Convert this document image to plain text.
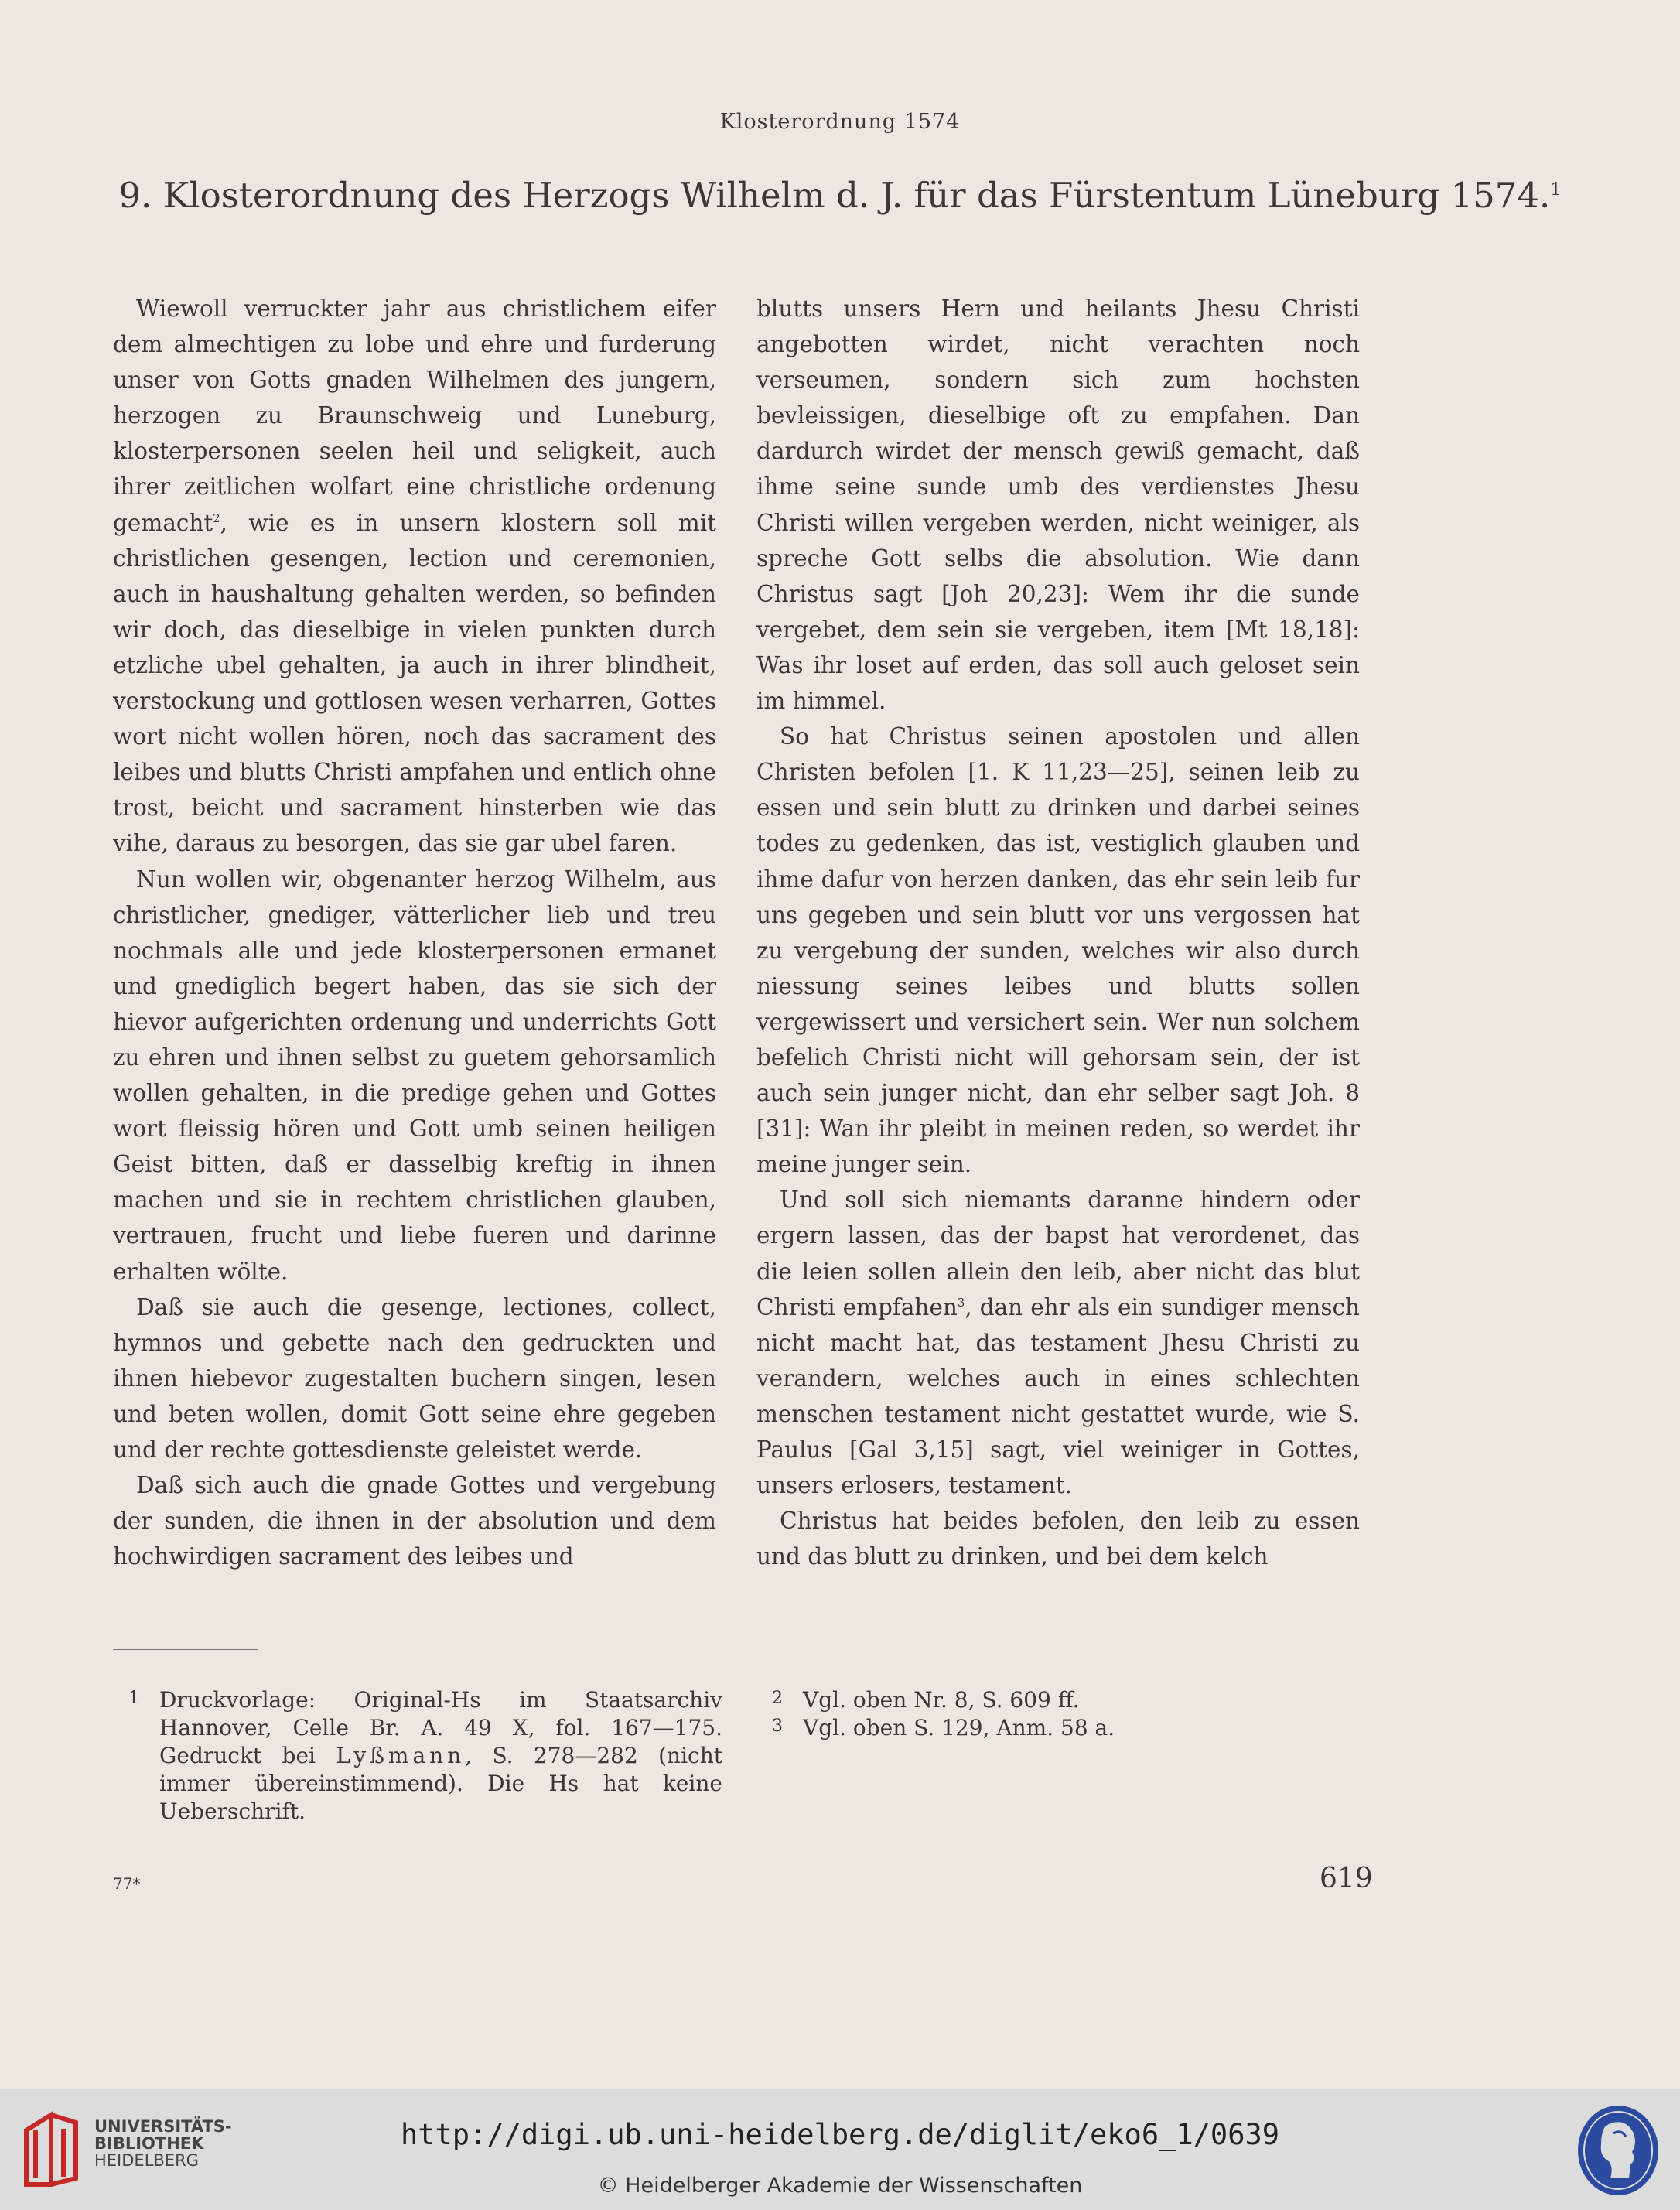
Klosterordnung 1574
9. Klosterordnung des Herzogs Wilhelm d. J. für das Fürstentum Lüneburg 1574.$^1$

Wiewoll verruckter jahr aus christlichem eifer dem almechtigen zu lobe und ehre und furderung unser von Gotts gnaden Wilhelmen des jungern, herzogen zu Braunschweig und Luneburg, klosterpersonen seelen heil und seligkeit, auch ihrer zeitlichen wolfart eine christliche ordenung gemacht$^2$, wie es in unsern klostern soll mit christlichen gesengen, lection und ceremonien, auch in haushaltung gehalten werden, so befinden wir doch, das dieselbige in vielen punkten durch etzliche ubel gehalten, ja auch in ihrer blindheit, verstockung und gottlosen wesen verharren, Gottes wort nicht wollen hören, noch das sacrament des leibes und blutts Christi ampfahen und entlich ohne trost, beicht und sacrament hinsterben wie das vihe, daraus zu besorgen, das sie gar ubel faren.

Nun wollen wir, obgenanter herzog Wilhelm, aus christlicher, gnediger, vätterlicher lieb und treu nochmals alle und jede klosterpersonen ermanet und gnediglich begert haben, das sie sich der hievor aufgerichten ordenung und underrichts Gott zu ehren und ihnen selbst zu guetem gehorsamlich wollen gehalten, in die predige gehen und Gottes wort fleissig hören und Gott umb seinen heiligen Geist bitten, daß er dasselbig kreftig in ihnen machen und sie in rechtem christlichen glauben, vertrauen, frucht und liebe fueren und darinne erhalten wölte.

Daß sie auch die gesenge, lectiones, collect, hymnos und gebette nach den gedruckten und ihnen hiebevor zugestalten buchern singen, lesen und beten wollen, domit Gott seine ehre gegeben und der rechte gottesdienste geleistet werde.

Daß sich auch die gnade Gottes und vergebung der sunden, die ihnen in der absolution und dem hochwirdigen sacrament des leibes und

blutts unsers Hern und heilants Jhesu Christi angebotten wirdet, nicht verachten noch verseumen, sondern sich zum hochsten bevleissigen, dieselbige oft zu empfahen. Dan dardurch wirdet der mensch gewiß gemacht, daß ihme seine sunde umb des verdienstes Jhesu Christi willen vergeben werden, nicht weiniger, als spreche Gott selbs die absolution. Wie dann Christus sagt [Joh 20,23]: Wem ihr die sunde vergebet, dem sein sie vergeben, item [Mt 18,18]: Was ihr loset auf erden, das soll auch geloset sein im himmel.

So hat Christus seinen apostolen und allen Christen befolen [1. K 11,23—25], seinen leib zu essen und sein blutt zu drinken und darbei seines todes zu gedenken, das ist, vestiglich glauben und ihme dafur von herzen danken, das ehr sein leib fur uns gegeben und sein blutt vor uns vergossen hat zu vergebung der sunden, welches wir also durch niessung seines leibes und blutts sollen vergewissert und versichert sein. Wer nun solchem befelich Christi nicht will gehorsam sein, der ist auch sein junger nicht, dan ehr selber sagt Joh. 8 [31]: Wan ihr pleibt in meinen reden, so werdet ihr meine junger sein.

Und soll sich niemants daranne hindern oder ergern lassen, das der bapst hat verordenet, das die leien sollen allein den leib, aber nicht das blut Christi empfahen$^3$, dan ehr als ein sundiger mensch nicht macht hat, das testament Jhesu Christi zu verandern, welches auch in eines schlechten menschen testament nicht gestattet wurde, wie S. Paulus [Gal 3,15] sagt, viel weiniger in Gottes, unsers erlosers, testament.

Christus hat beides befolen, den leib zu essen und das blutt zu drinken, und bei dem kelch

1 Druckvorlage: Original-Hs im Staatsarchiv Hannover, Celle Br. A. 49 X, fol. 167—175. Gedruckt bei Lyßmann, S. 278—282 (nicht immer übereinstimmend). Die Hs hat keine Ueberschrift.
2 Vgl. oben Nr. 8, S. 609 ff.
3 Vgl. oben S. 129, Anm. 58 a.
77*	619
UNIVERSITÄTS-
BIBLIOTHEK
HEIDELBERG
http://digi.ub.uni-heidelberg.de/diglit/eko6_1/0639
© Heidelberger Akademie der Wissenschaften
